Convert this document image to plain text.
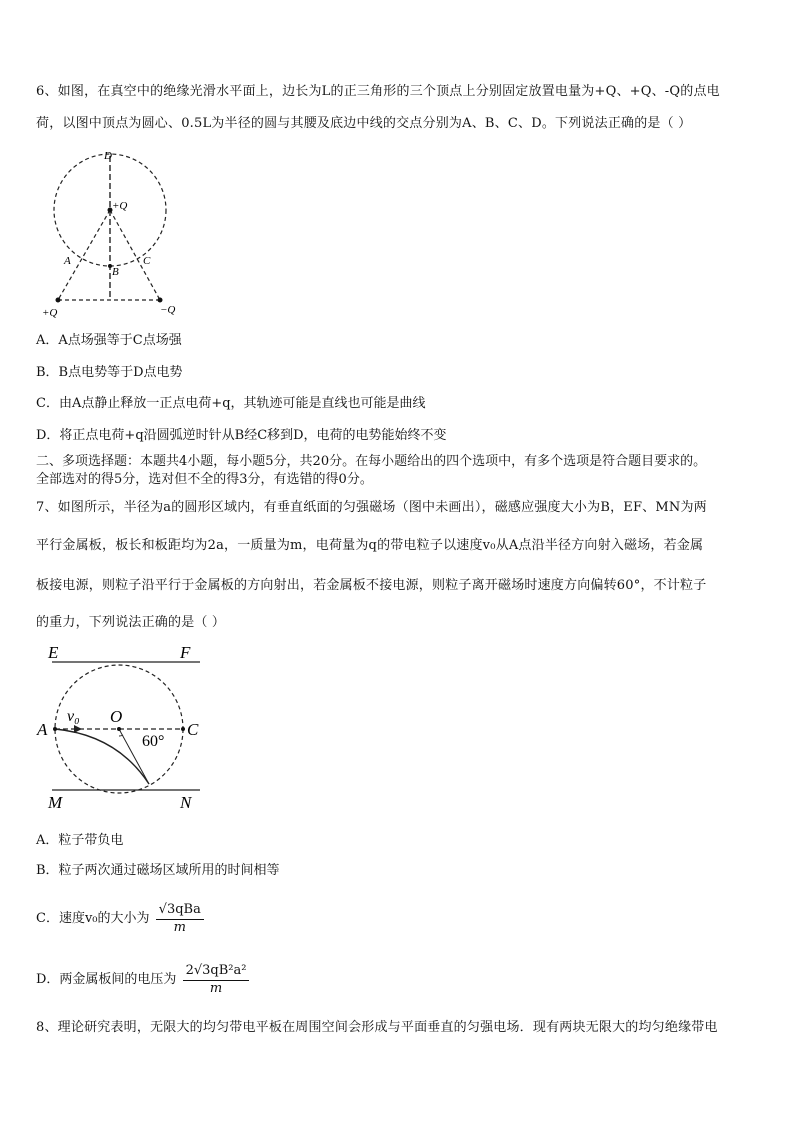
6、如图，在真空中的绝缘光滑水平面上，边长为L的正三角形的三个顶点上分别固定放置电量为+Q、+Q、-Q的点电
荷，以图中顶点为圆心、0.5L为半径的圆与其腰及底边中线的交点分别为A、B、C、D。下列说法正确的是（ ）
D
+Q
A
B
C
+Q	−Q
A．A点场强等于C点场强
B．B点电势等于D点电势
C．由A点静止释放一正点电荷+q，其轨迹可能是直线也可能是曲线
D．将正点电荷+q沿圆弧逆时针从B经C移到D，电荷的电势能始终不变
二、多项选择题：本题共4小题，每小题5分，共20分。在每小题给出的四个选项中，有多个选项是符合题目要求的。
全部选对的得5分，选对但不全的得3分，有选错的得0分。
7、如图所示，半径为a的圆形区域内，有垂直纸面的匀强磁场（图中未画出），磁感应强度大小为B，EF、MN为两
平行金属板，板长和板距均为2a，一质量为m，电荷量为q的带电粒子以速度v₀从A点沿半径方向射入磁场，若金属
板接电源，则粒子沿平行于金属板的方向射出，若金属板不接电源，则粒子离开磁场时速度方向偏转60°，不计粒子
的重力，下列说法正确的是（ ）
E	F
A
v₀ O
C
60°
M	N
A．粒子带负电
B．粒子两次通过磁场区域所用的时间相等
C．速度v₀的大小为 $\frac{\text{√3qBa}}{m}$
D．两金属板间的电压为 $\frac{\text{2√3qB²a²}}{m}$
8、理论研究表明，无限大的均匀带电平板在周围空间会形成与平面垂直的匀强电场．现有两块无限大的均匀绝缘带电
